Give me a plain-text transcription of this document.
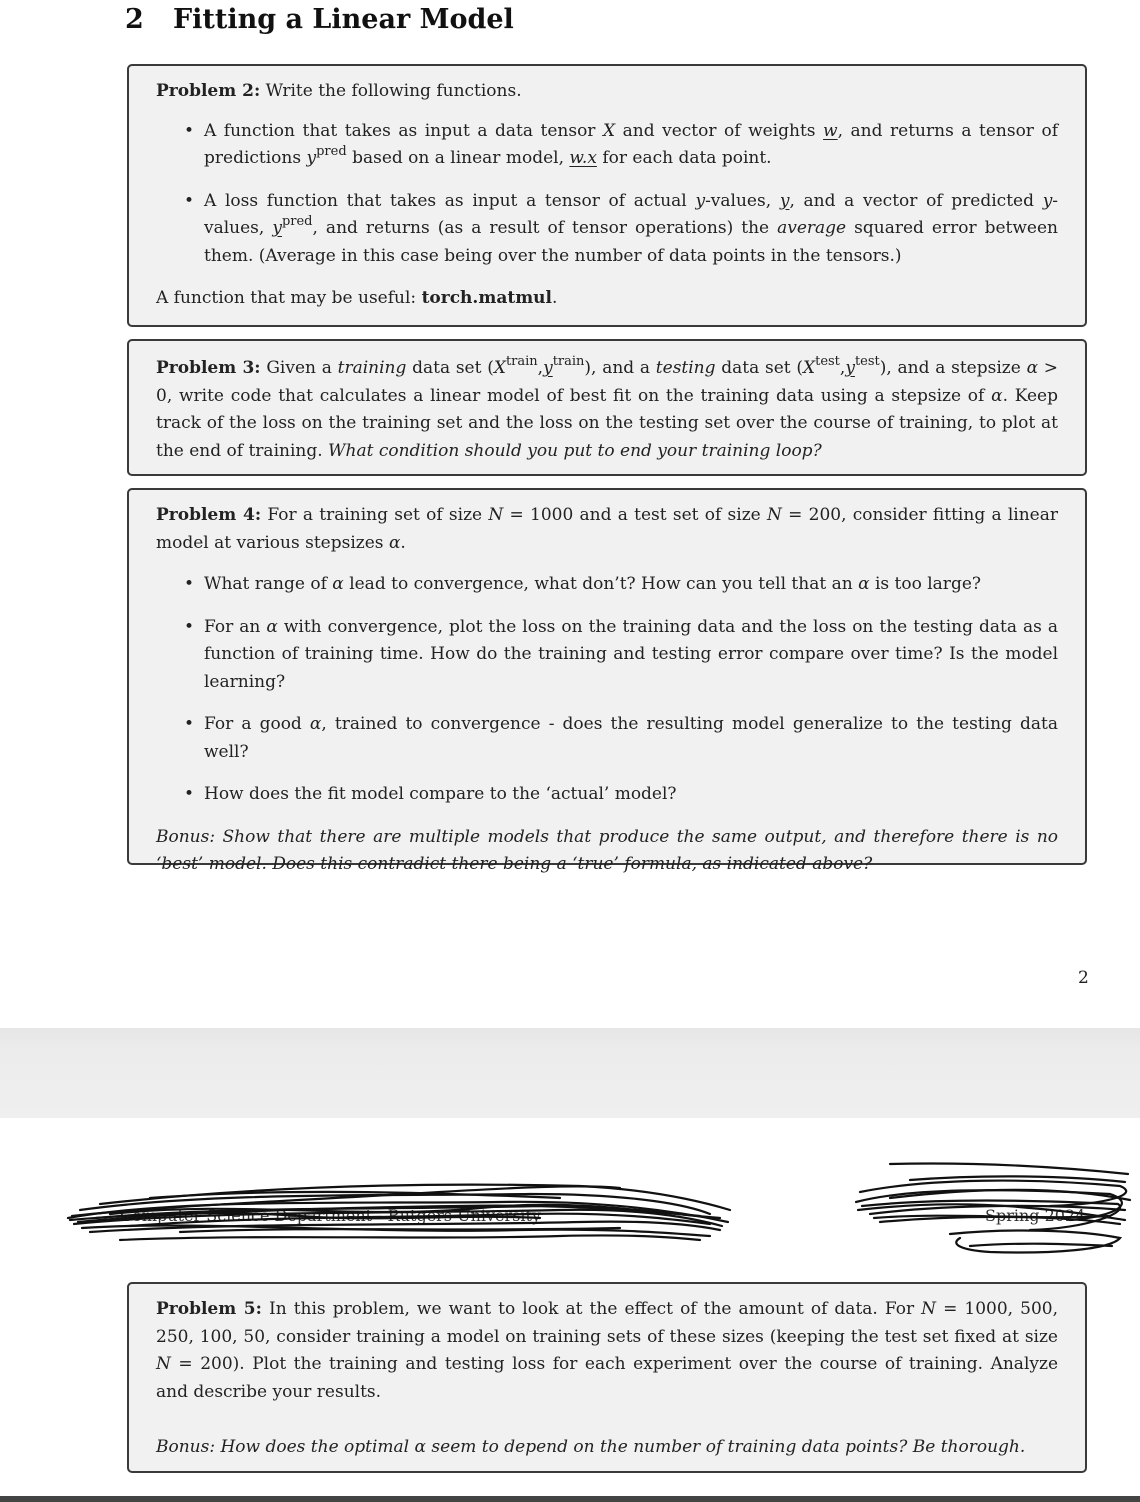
2 Fitting a Linear Model

Problem 2: Write the following functions.

• A function that takes as input a data tensor X and vector of weights w, and returns a tensor of predictions $y^{pred}$ based on a linear model, w.x for each data point.
• A loss function that takes as input a tensor of actual y-values, y, and a vector of predicted y-values, $y^{pred}$, and returns (as a result of tensor operations) the average squared error between them. (Average in this case being over the number of data points in the tensors.)

A function that may be useful: torch.matmul.

Problem 3: Given a training data set $(X^{train},y^{train})$, and a testing data set $(X^{test},y^{test})$, and a stepsize α > 0, write code that calculates a linear model of best fit on the training data using a stepsize of α. Keep track of the loss on the training set and the loss on the testing set over the course of training, to plot at the end of training. What condition should you put to end your training loop?

Problem 4: For a training set of size N = 1000 and a test set of size N = 200, consider fitting a linear model at various stepsizes α.

• What range of α lead to convergence, what don’t? How can you tell that an α is too large?
• For an α with convergence, plot the loss on the training data and the loss on the testing data as a function of training time. How do the training and testing error compare over time? Is the model learning?
• For a good α, trained to convergence - does the resulting model generalize to the testing data well?
• How does the fit model compare to the ‘actual’ model?

Bonus: Show that there are multiple models that produce the same output, and therefore there is no ‘best’ model. Does this contradict there being a ‘true’ formula, as indicated above?

2
Computer Science Department - Rutgers University	Spring 2024

Problem 5: In this problem, we want to look at the effect of the amount of data. For N = 1000, 500, 250, 100, 50, consider training a model on training sets of these sizes (keeping the test set fixed at size N = 200). Plot the training and testing loss for each experiment over the course of training. Analyze and describe your results.

Bonus: How does the optimal α seem to depend on the number of training data points? Be thorough.
